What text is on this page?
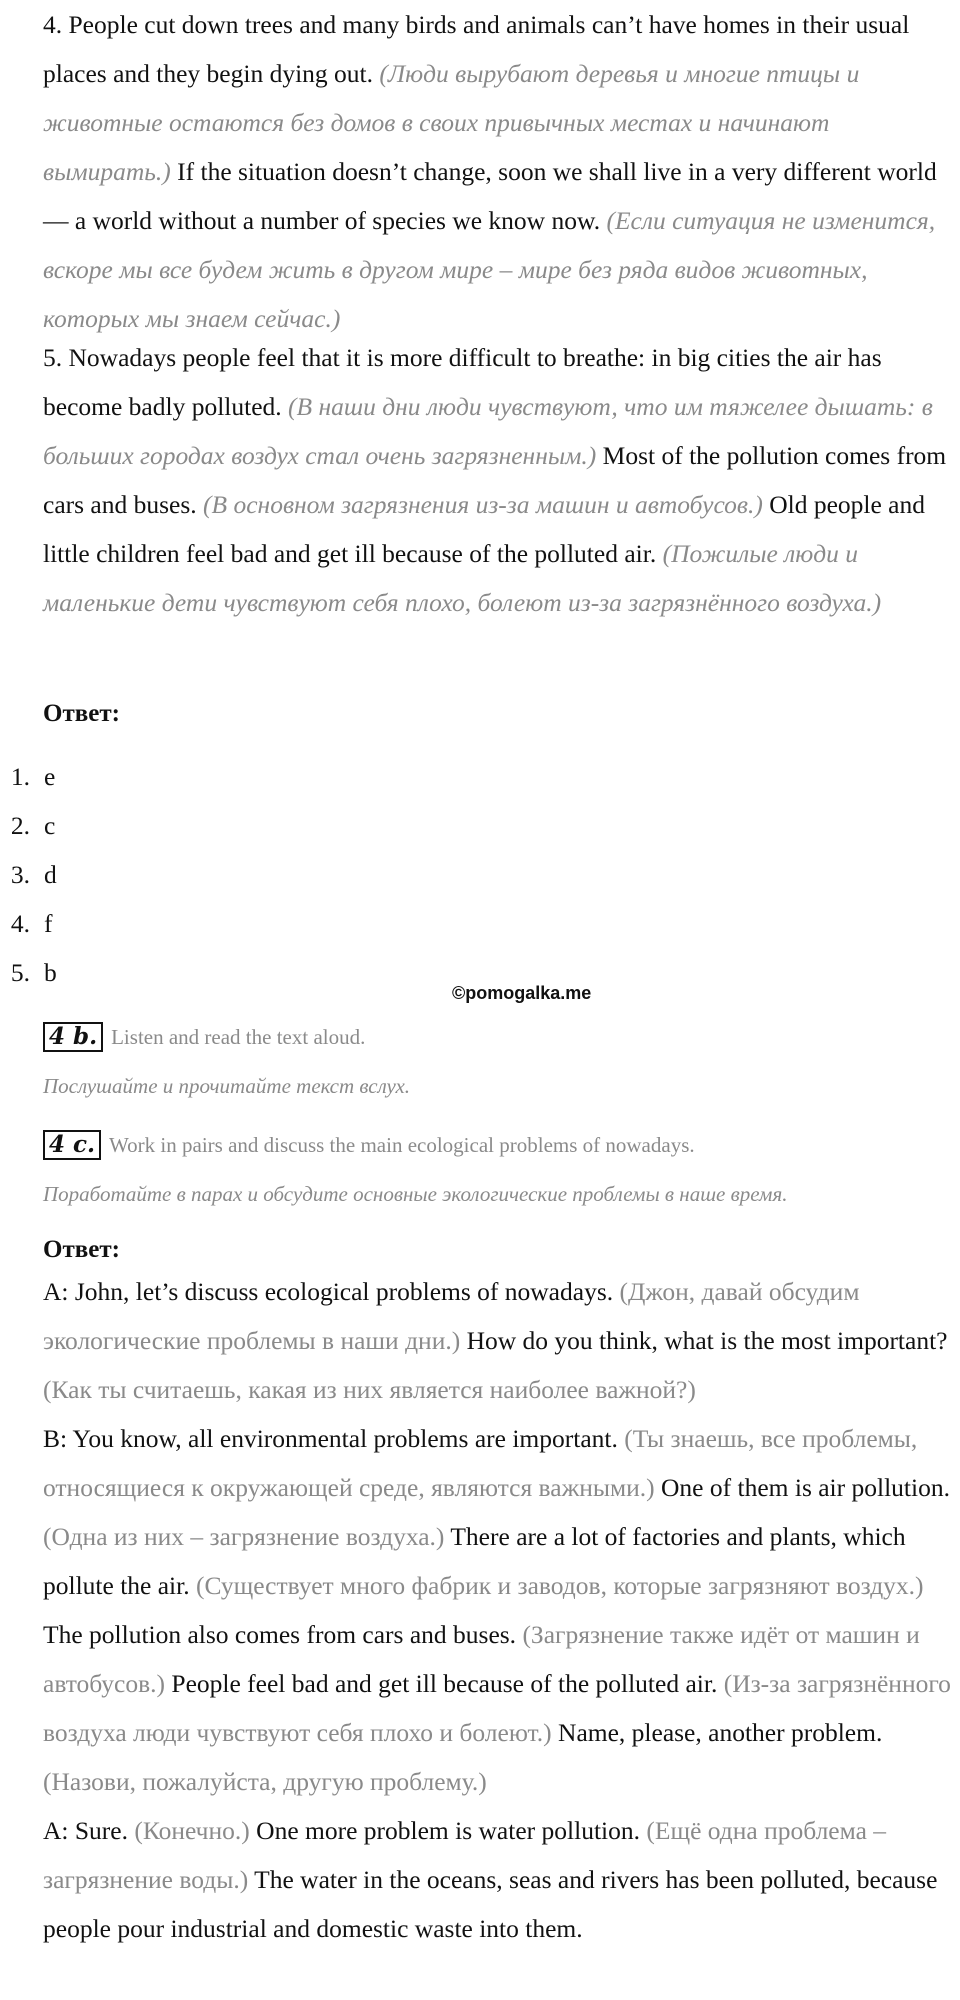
4. People cut down trees and many birds and animals can’t have homes in their usual places and they begin dying out. (Люди вырубают деревья и многие птицы и животные остаются без домов в своих привычных местах и начинают вымирать.) If the situation doesn’t change, soon we shall live in a very different world — a world without a number of species we know now. (Если ситуация не изменится, вскоре мы все будем жить в другом мире – мире без ряда видов животных, которых мы знаем сейчас.)

5. Nowadays people feel that it is more difficult to breathe: in big cities the air has become badly polluted. (В наши дни люди чувствуют, что им тяжелее дышать: в больших городах воздух стал очень загрязненным.) Most of the pollution comes from cars and buses. (В основном загрязнения из-за машин и автобусов.) Old people and little children feel bad and get ill because of the polluted air. (Пожилые люди и маленькие дети чувствуют себя плохо, болеют из-за загрязнённого воздуха.)

Ответ:

1. e
2. c
3. d
4. f
5. b
©pomogalka.me

4 b. Listen and read the text aloud.

Послушайте и прочитайте текст вслух.

4 c. Work in pairs and discuss the main ecological problems of nowadays.

Поработайте в парах и обсудите основные экологические проблемы в наше время.

Ответ:

A: John, let’s discuss ecological problems of nowadays. (Джон, давай обсудим экологические проблемы в наши дни.) How do you think, what is the most important? (Как ты считаешь, какая из них является наиболее важной?)
B: You know, all environmental problems are important. (Ты знаешь, все проблемы, относящиеся к окружающей среде, являются важными.) One of them is air pollution. (Одна из них – загрязнение воздуха.) There are a lot of factories and plants, which pollute the air. (Существует много фабрик и заводов, которые загрязняют воздух.) The pollution also comes from cars and buses. (Загрязнение также идёт от машин и автобусов.) People feel bad and get ill because of the polluted air. (Из-за загрязнённого воздуха люди чувствуют себя плохо и болеют.) Name, please, another problem. (Назови, пожалуйста, другую проблему.)
A: Sure. (Конечно.) One more problem is water pollution. (Ещё одна проблема – загрязнение воды.) The water in the oceans, seas and rivers has been polluted, because people pour industrial and domestic waste into them.
